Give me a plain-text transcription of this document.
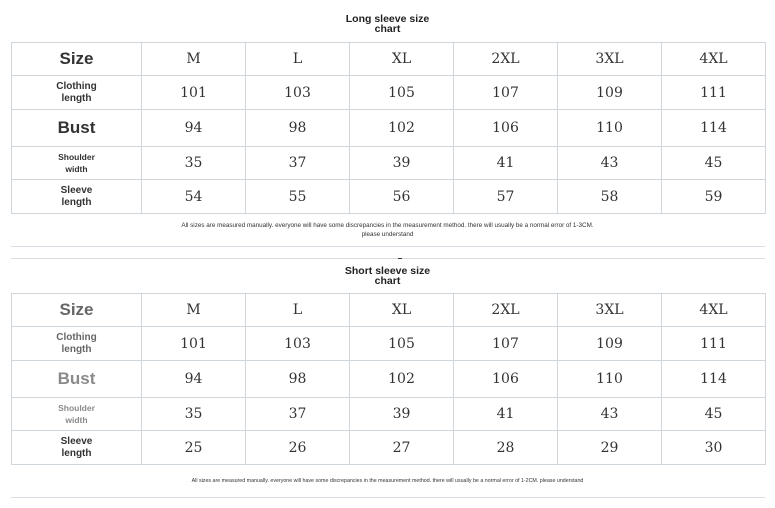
Long sleeve size
chart
Size	M	L	XL	2XL	3XL	4XL

Clothing
length	101	103	105	107	109	111
Bust	94	98	102	106	110	114

Shoulder
width	35	37	39	41	43	45

Sleeve
length	54	55	56	57	58	59
All sizes are measured manually. everyone will have some discrepancies in the measurement method. there will usually be a normal error of 1-3CM.
please understand
Short sleeve size
chart
Size	M	L	XL	2XL	3XL	4XL

Clothing
length	101	103	105	107	109	111
Bust	94	98	102	106	110	114

Shoulder
width	35	37	39	41	43	45

Sleeve
length	25	26	27	28	29	30
All sizes are measured manually. everyone will have some discrepancies in the measurement method. there will usually be a normal error of 1-2CM. please understand
